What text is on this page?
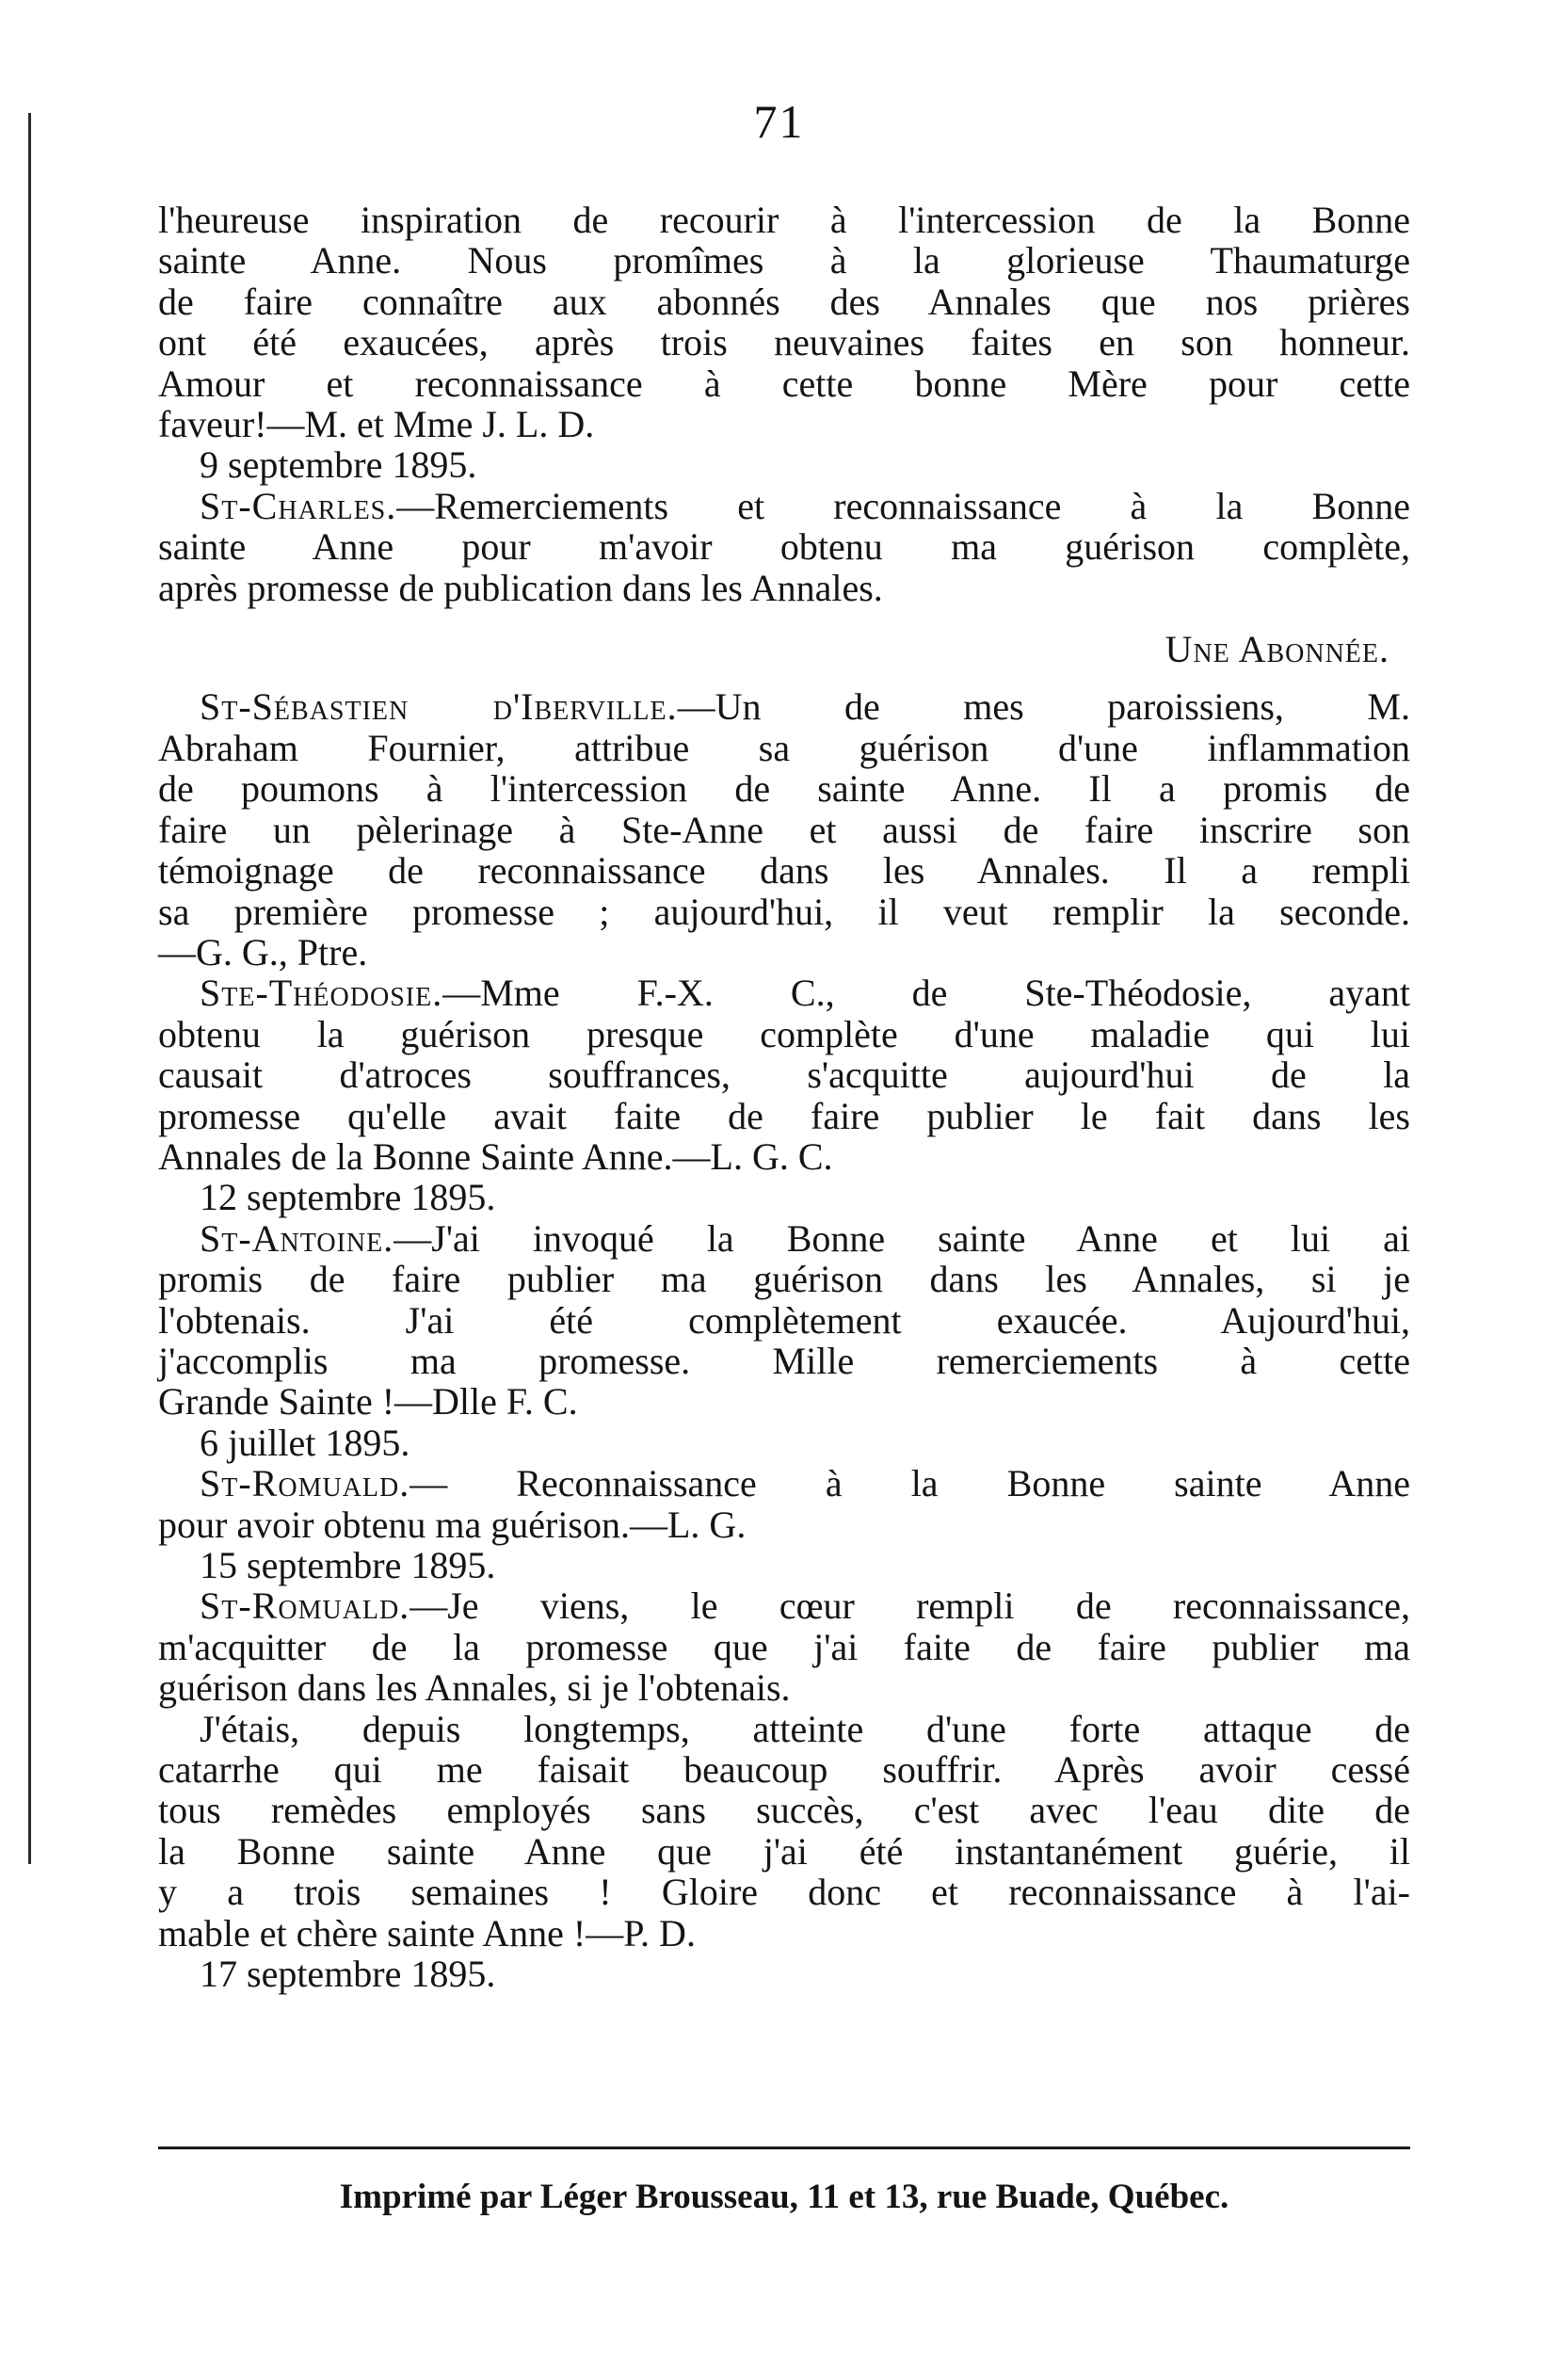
71
l'heureuse inspiration de recourir à l'intercession de la Bonne
sainte Anne. Nous promîmes à la glorieuse Thaumaturge
de faire connaître aux abonnés des Annales que nos prières
ont été exaucées, après trois neuvaines faites en son honneur.
Amour et reconnaissance à cette bonne Mère pour cette
faveur!—M. et Mme J. L. D.
9 septembre 1895.
St-Charles.—Remerciements et reconnaissance à la Bonne
sainte Anne pour m'avoir obtenu ma guérison complète,
après promesse de publication dans les Annales.
Une Abonnée.
St-Sébastien d'Iberville.—Un de mes paroissiens, M.
Abraham Fournier, attribue sa guérison d'une inflammation
de poumons à l'intercession de sainte Anne. Il a promis de
faire un pèlerinage à Ste-Anne et aussi de faire inscrire son
témoignage de reconnaissance dans les Annales. Il a rempli
sa première promesse ; aujourd'hui, il veut remplir la seconde.
—G. G., Ptre.
Ste-Théodosie.—Mme F.-X. C., de Ste-Théodosie, ayant
obtenu la guérison presque complète d'une maladie qui lui
causait d'atroces souffrances, s'acquitte aujourd'hui de la
promesse qu'elle avait faite de faire publier le fait dans les
Annales de la Bonne Sainte Anne.—L. G. C.
12 septembre 1895.
St-Antoine.—J'ai invoqué la Bonne sainte Anne et lui ai
promis de faire publier ma guérison dans les Annales, si je
l'obtenais. J'ai été complètement exaucée. Aujourd'hui,
j'accomplis ma promesse. Mille remerciements à cette
Grande Sainte !—Dlle F. C.
6 juillet 1895.
St-Romuald.— Reconnaissance à la Bonne sainte Anne
pour avoir obtenu ma guérison.—L. G.
15 septembre 1895.
St-Romuald.—Je viens, le cœur rempli de reconnaissance,
m'acquitter de la promesse que j'ai faite de faire publier ma
guérison dans les Annales, si je l'obtenais.
J'étais, depuis longtemps, atteinte d'une forte attaque de
catarrhe qui me faisait beaucoup souffrir. Après avoir cessé
tous remèdes employés sans succès, c'est avec l'eau dite de
la Bonne sainte Anne que j'ai été instantanément guérie, il
y a trois semaines ! Gloire donc et reconnaissance à l'ai-
mable et chère sainte Anne !—P. D.
17 septembre 1895.
Imprimé par Léger Brousseau, 11 et 13, rue Buade, Québec.
